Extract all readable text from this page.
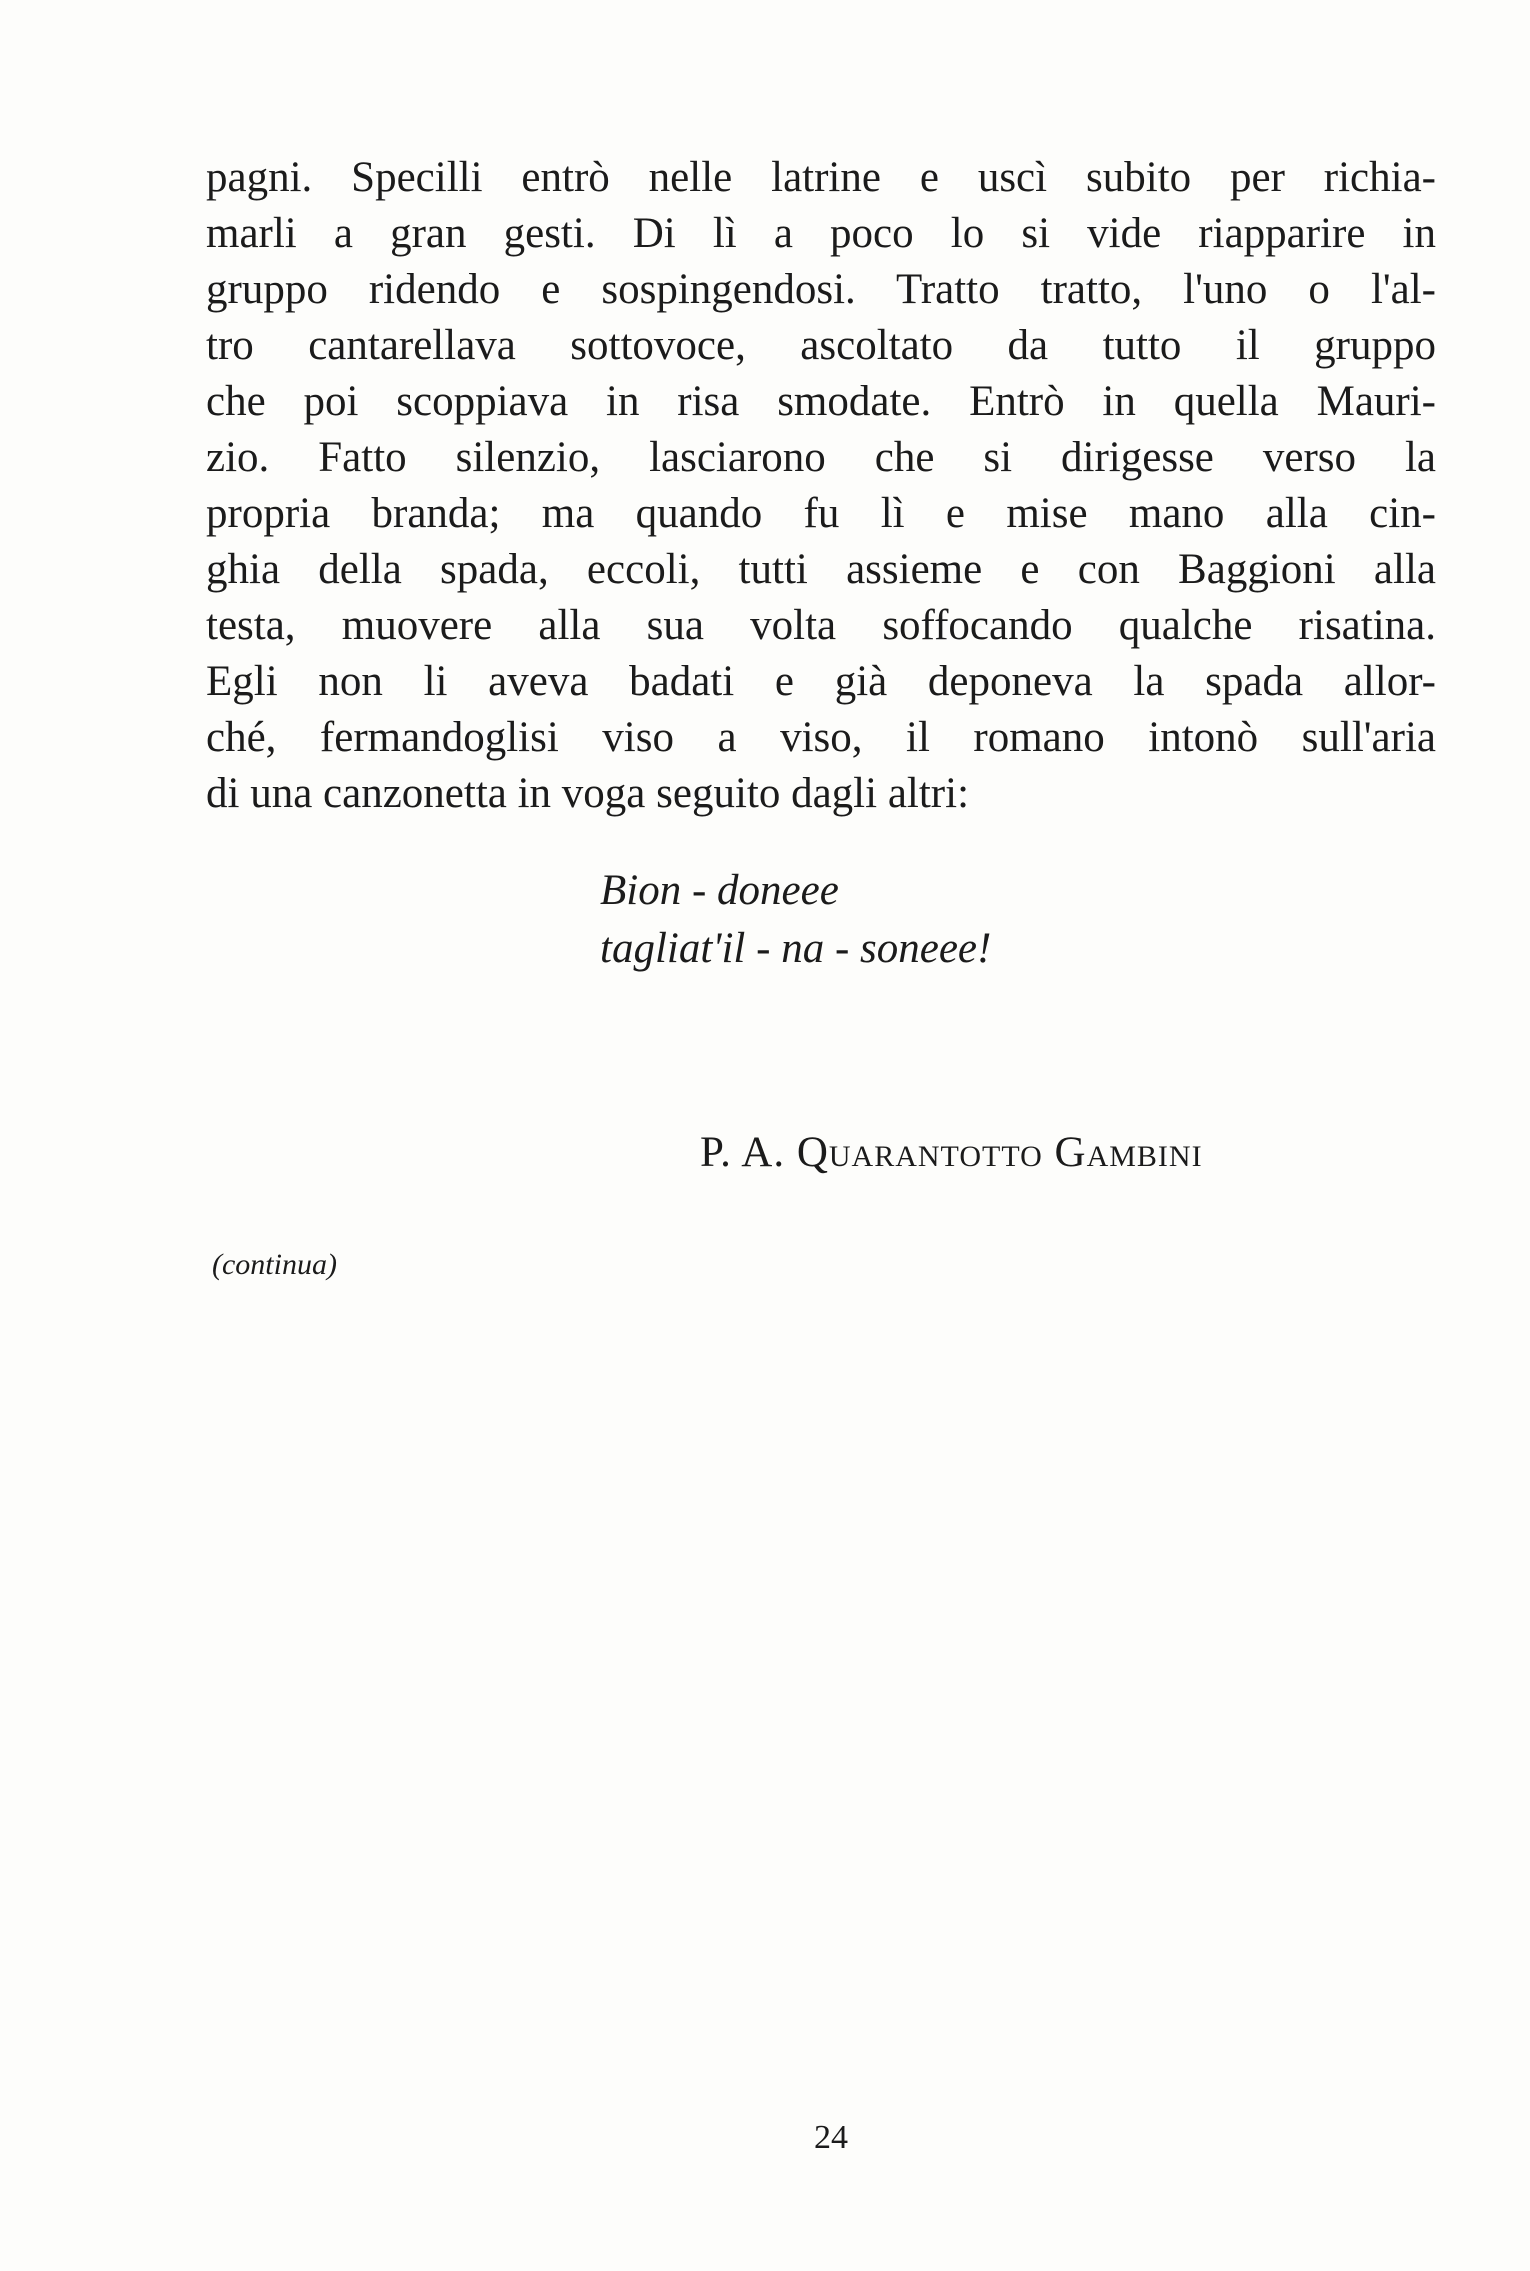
pagni. Specilli entrò nelle latrine e uscì subito per richia-
marli a gran gesti. Di lì a poco lo si vide riapparire in
gruppo ridendo e sospingendosi. Tratto tratto, l'uno o l'al-
tro cantarellava sottovoce, ascoltato da tutto il gruppo
che poi scoppiava in risa smodate. Entrò in quella Mauri-
zio. Fatto silenzio, lasciarono che si dirigesse verso la
propria branda; ma quando fu lì e mise mano alla cin-
ghia della spada, eccoli, tutti assieme e con Baggioni alla
testa, muovere alla sua volta soffocando qualche risatina.
Egli non li aveva badati e già deponeva la spada allor-
ché, fermandoglisi viso a viso, il romano intonò sull'aria
di una canzonetta in voga seguito dagli altri:
Bion - doneee
tagliat'il - na - soneee!
P. A. Quarantotto Gambini
(continua)
24
